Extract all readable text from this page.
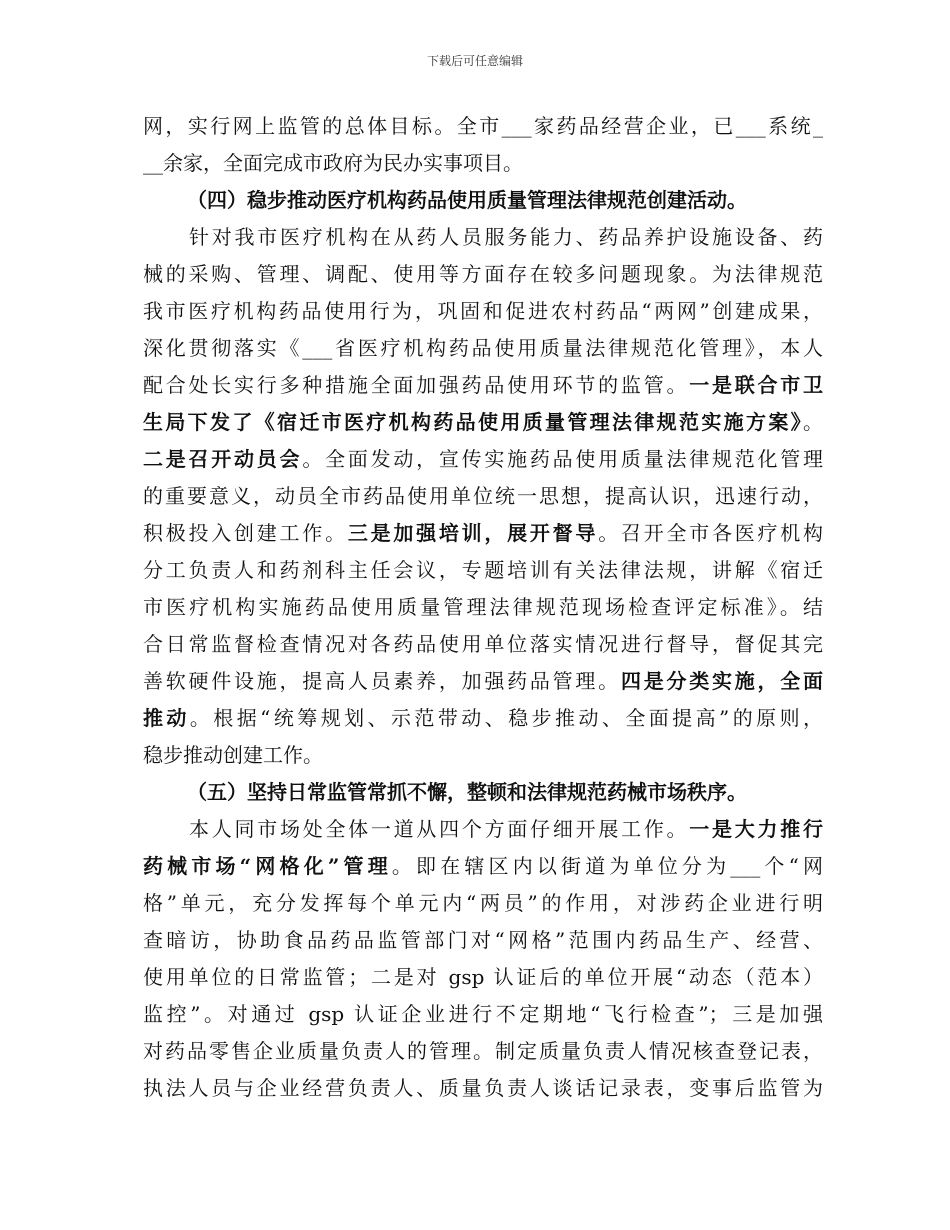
下载后可任意编辑
网，实行网上监管的总体目标。全市___家药品经营企业，已___系统_
__余家，全面完成市政府为民办实事项目。
（四）稳步推动医疗机构药品使用质量管理法律规范创建活动。
针对我市医疗机构在从药人员服务能力、药品养护设施设备、药
械的采购、管理、调配、使用等方面存在较多问题现象。为法律规范
我市医疗机构药品使用行为，巩固和促进农村药品“两网”创建成果，
深化贯彻落实《___省医疗机构药品使用质量法律规范化管理》，本人
配合处长实行多种措施全面加强药品使用环节的监管。一是联合市卫
生局下发了《宿迁市医疗机构药品使用质量管理法律规范实施方案》。
二是召开动员会。全面发动，宣传实施药品使用质量法律规范化管理
的重要意义，动员全市药品使用单位统一思想，提高认识，迅速行动，
积极投入创建工作。三是加强培训，展开督导。召开全市各医疗机构
分工负责人和药剂科主任会议，专题培训有关法律法规，讲解《宿迁
市医疗机构实施药品使用质量管理法律规范现场检查评定标准》。结
合日常监督检查情况对各药品使用单位落实情况进行督导，督促其完
善软硬件设施，提高人员素养，加强药品管理。四是分类实施，全面
推动。根据“统筹规划、示范带动、稳步推动、全面提高”的原则，
稳步推动创建工作。
（五）坚持日常监管常抓不懈，整顿和法律规范药械市场秩序。
本人同市场处全体一道从四个方面仔细开展工作。一是大力推行
药械市场“网格化”管理。即在辖区内以街道为单位分为___个“网
格”单元，充分发挥每个单元内“两员”的作用，对涉药企业进行明
查暗访，协助食品药品监管部门对“网格”范围内药品生产、经营、
使用单位的日常监管；二是对 gsp 认证后的单位开展“动态（范本）
监控”。对通过 gsp 认证企业进行不定期地“飞行检查”；三是加强
对药品零售企业质量负责人的管理。制定质量负责人情况核查登记表，
执法人员与企业经营负责人、质量负责人谈话记录表，变事后监管为
